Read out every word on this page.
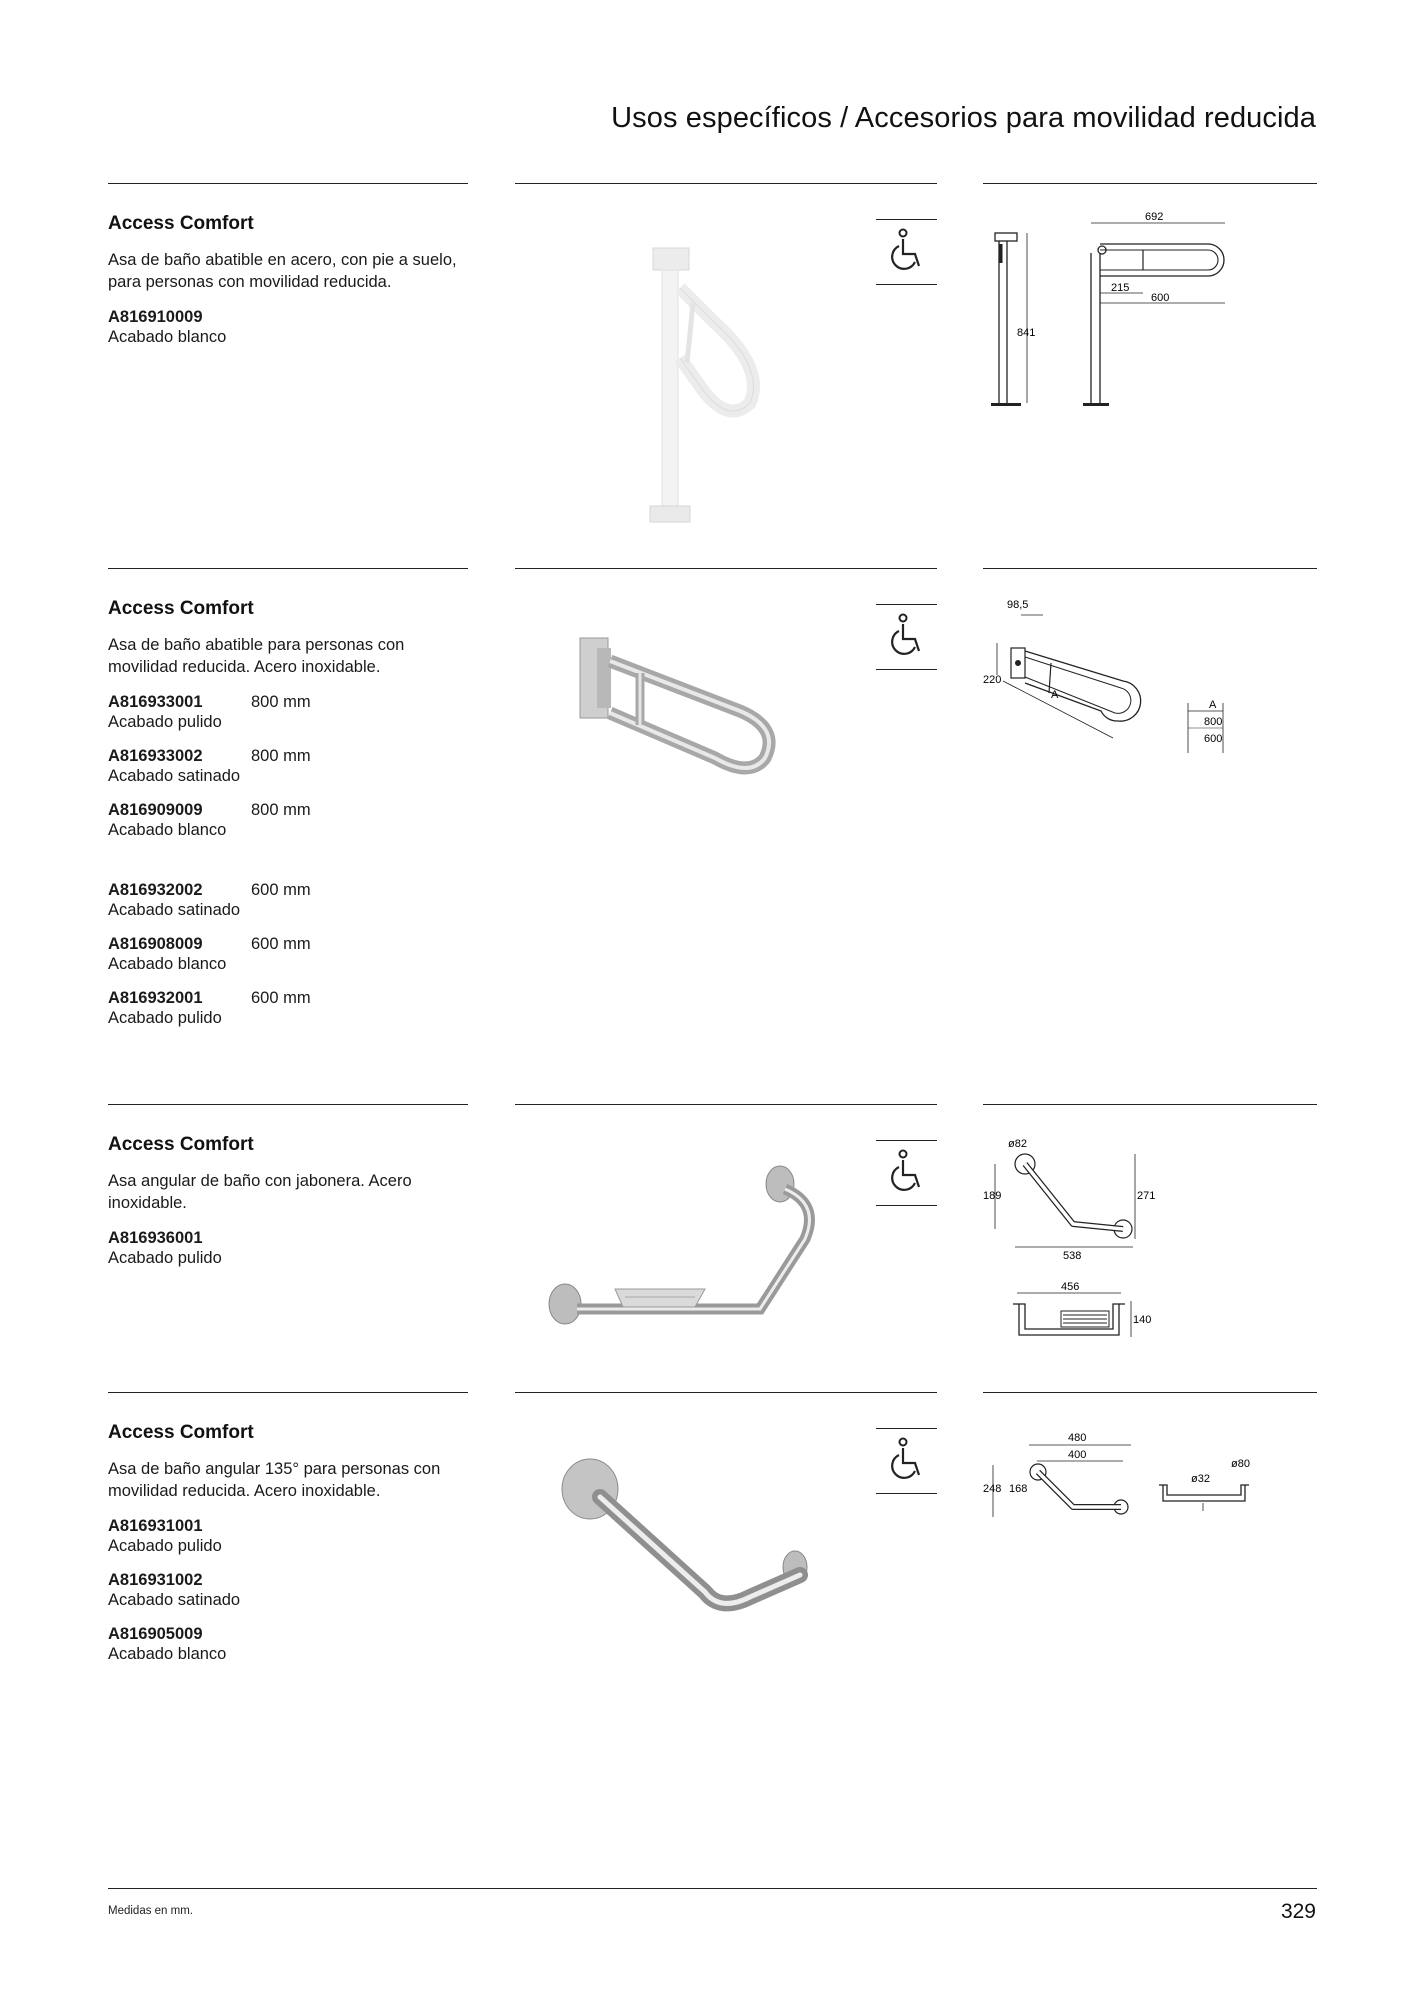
Usos específicos / Accesorios para movilidad reducida
Access Comfort
Asa de baño abatible en acero, con pie a suelo, para personas con movilidad reducida.
A816910009
Acabado blanco	841
692
215
600
Access Comfort
Asa de baño abatible para personas con movilidad reducida. Acero inoxidable.
A816933001	800 mm
Acabado pulido
A816933002	800 mm
Acabado satinado
A816909009	800 mm
Acabado blanco
A816932002	600 mm
Acabado satinado
A816908009	600 mm
Acabado blanco
A816932001	600 mm
Acabado pulido
98,5
220
A
A
800
600
Access Comfort
Asa angular de baño con jabonera. Acero inoxidable.
A816936001
Acabado pulido
ø82
189	271
538
456
140
Access Comfort
Asa de baño angular 135° para personas con movilidad reducida. Acero inoxidable.
A816931001
Acabado pulido
A816931002
Acabado satinado
A816905009
Acabado blanco
480
400
248 168
ø32
ø80
Medidas en mm.	329
